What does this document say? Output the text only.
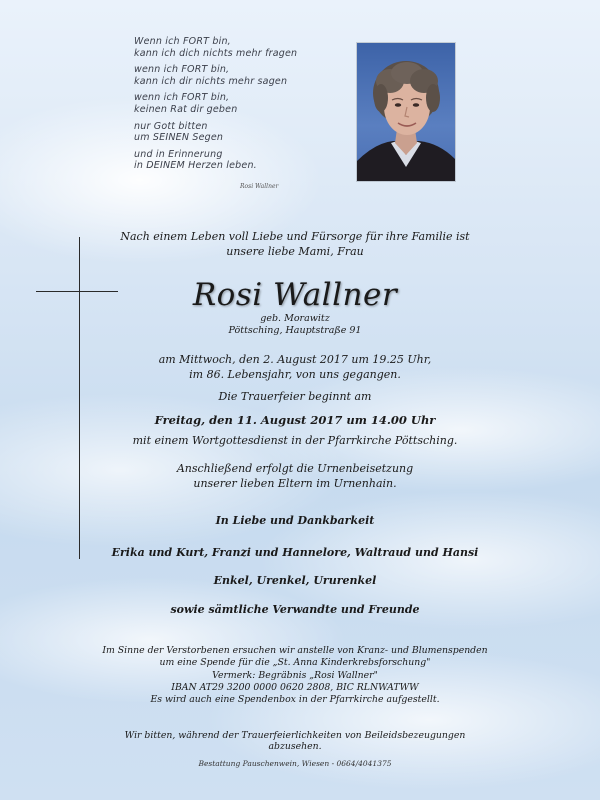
Wenn ich FORT bin,
kann ich dich nichts mehr fragen
wenn ich FORT bin,
kann ich dir nichts mehr sagen
wenn ich FORT bin,
keinen Rat dir geben
nur Gott bitten
um SEINEN Segen
und in Erinnerung
in DEINEM Herzen leben.
Rosi Wallner
Nach einem Leben voll Liebe und Fürsorge für ihre Familie ist
unsere liebe Mami, Frau
Rosi Wallner
geb. Morawitz
Pöttsching, Hauptstraße 91
am Mittwoch, den 2. August 2017 um 19.25 Uhr,
im 86. Lebensjahr, von uns gegangen.
Die Trauerfeier beginnt am
Freitag, den 11. August 2017 um 14.00 Uhr
mit einem Wortgottesdienst in der Pfarrkirche Pöttsching.
Anschließend erfolgt die Urnenbeisetzung
unserer lieben Eltern im Urnenhain.
In Liebe und Dankbarkeit
Erika und Kurt, Franzi und Hannelore, Waltraud und Hansi
Enkel, Urenkel, Ururenkel
sowie sämtliche Verwandte und Freunde
Im Sinne der Verstorbenen ersuchen wir anstelle von Kranz- und Blumenspenden
um eine Spende für die „St. Anna Kinderkrebsforschung"
Vermerk: Begräbnis „Rosi Wallner"
IBAN AT29 3200 0000 0620 2808, BIC RLNWATWW
Es wird auch eine Spendenbox in der Pfarrkirche aufgestellt.
Wir bitten, während der Trauerfeierlichkeiten von Beileidsbezeugungen abzusehen.
Bestattung Pauschenwein, Wiesen - 0664/4041375
